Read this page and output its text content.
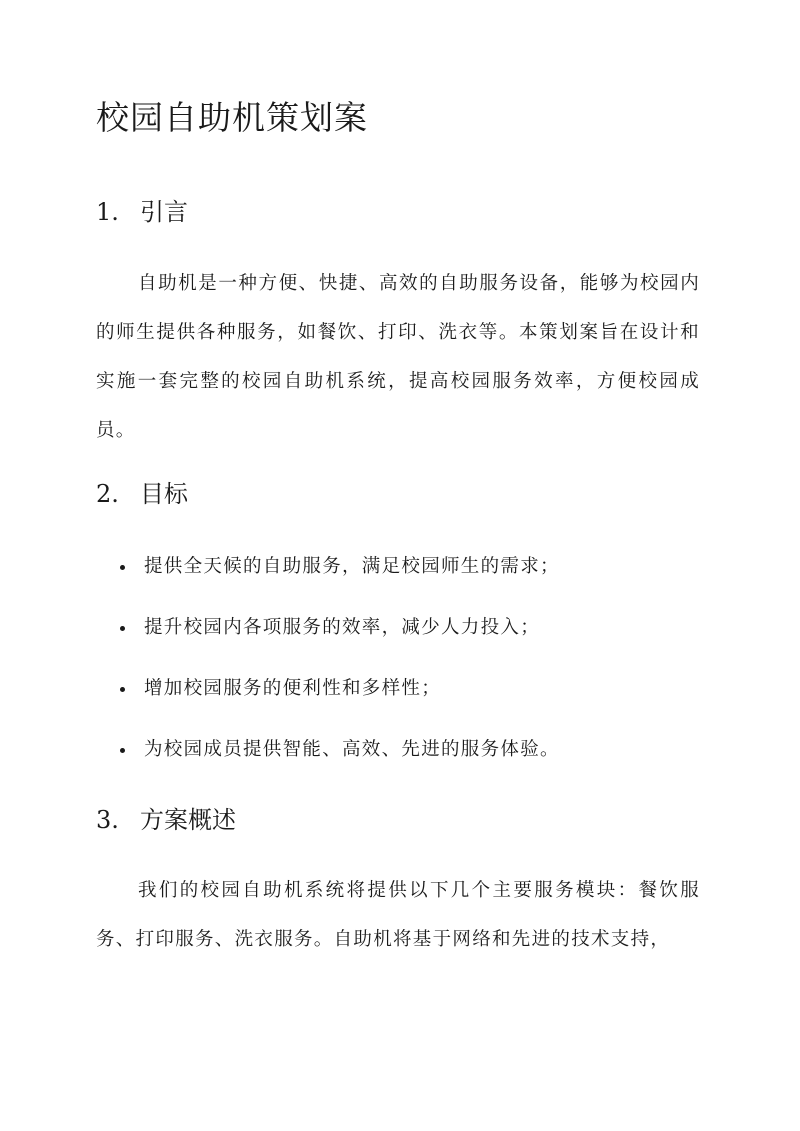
校园自助机策划案
1. 引言

自助机是一种方便、快捷、高效的自助服务设备，能够为校园内的师生提供各种服务，如餐饮、打印、洗衣等。本策划案旨在设计和实施一套完整的校园自助机系统，提高校园服务效率，方便校园成员。

2. 目标
提供全天候的自助服务，满足校园师生的需求；
提升校园内各项服务的效率，减少人力投入；
增加校园服务的便利性和多样性；
为校园成员提供智能、高效、先进的服务体验。
3. 方案概述

我们的校园自助机系统将提供以下几个主要服务模块：餐饮服务、打印服务、洗衣服务。自助机将基于网络和先进的技术支持，
